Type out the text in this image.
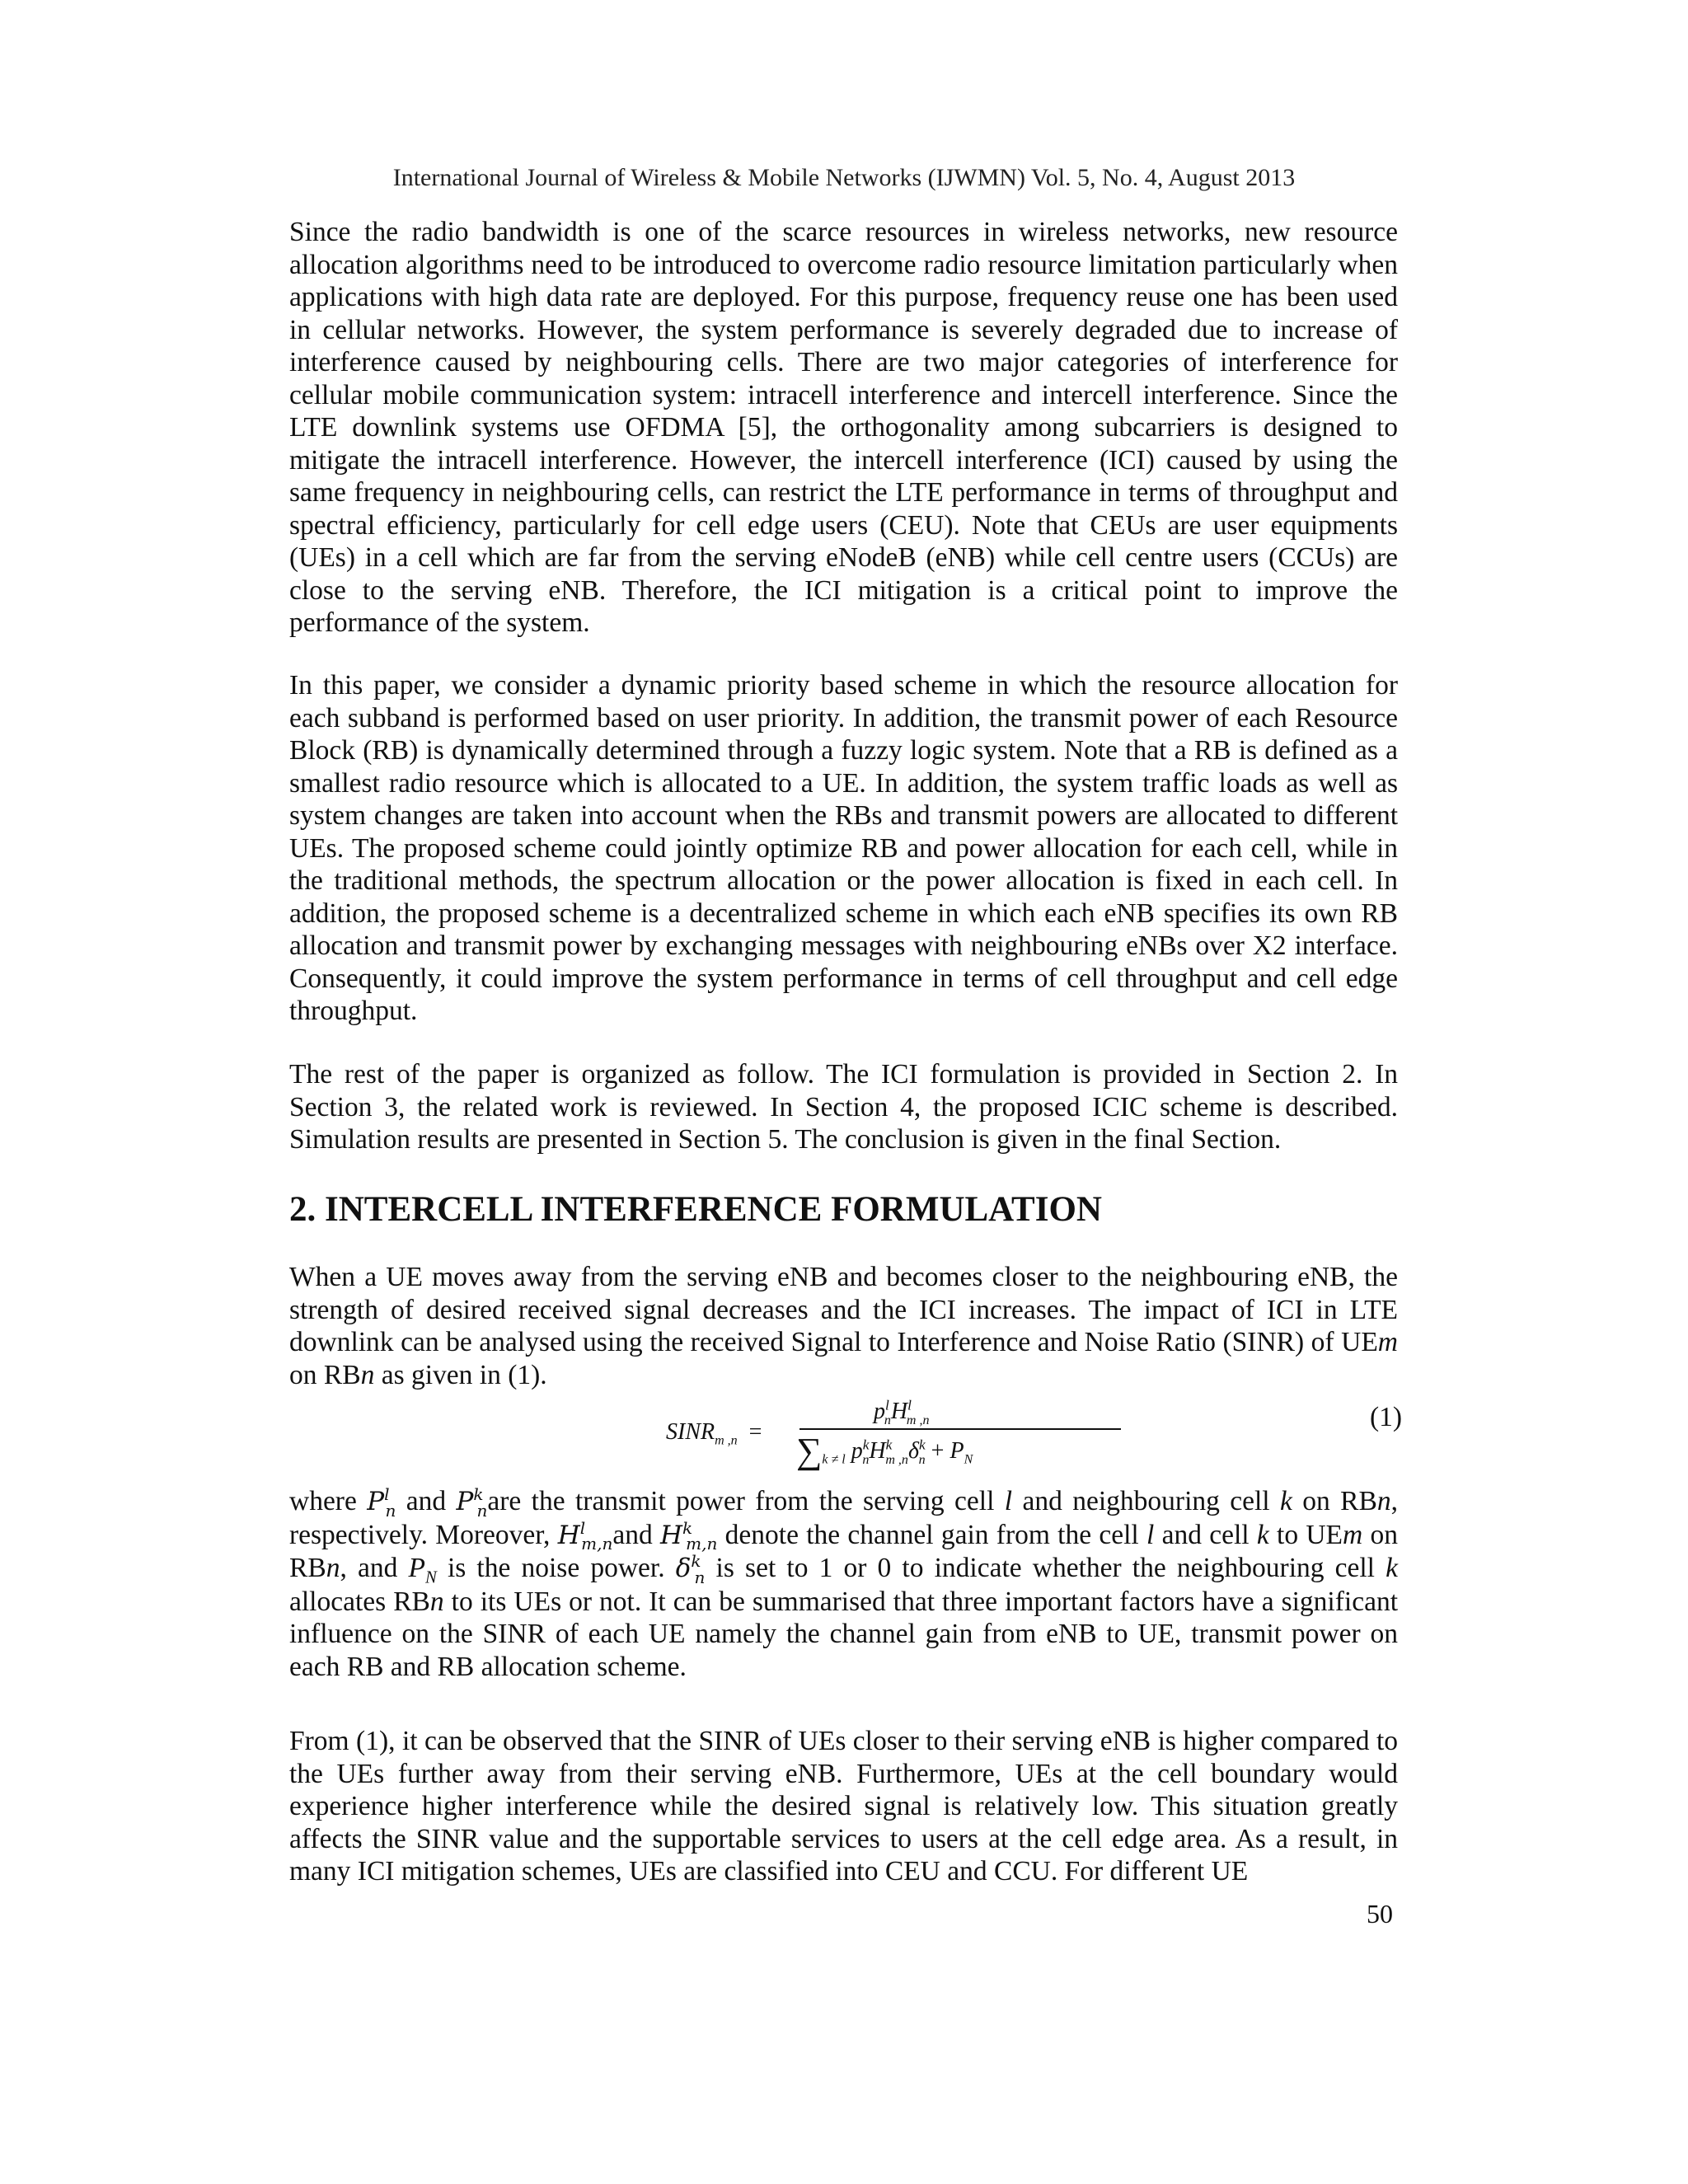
International Journal of Wireless & Mobile Networks (IJWMN) Vol. 5, No. 4, August 2013

Since the radio bandwidth is one of the scarce resources in wireless networks, new resource allocation algorithms need to be introduced to overcome radio resource limitation particularly when applications with high data rate are deployed. For this purpose, frequency reuse one has been used in cellular networks. However, the system performance is severely degraded due to increase of interference caused by neighbouring cells. There are two major categories of interference for cellular mobile communication system: intracell interference and intercell interference. Since the LTE downlink systems use OFDMA [5], the orthogonality among subcarriers is designed to mitigate the intracell interference. However, the intercell interference (ICI) caused by using the same frequency in neighbouring cells, can restrict the LTE performance in terms of throughput and spectral efficiency, particularly for cell edge users (CEU). Note that CEUs are user equipments (UEs) in a cell which are far from the serving eNodeB (eNB) while cell centre users (CCUs) are close to the serving eNB. Therefore, the ICI mitigation is a critical point to improve the performance of the system.

In this paper, we consider a dynamic priority based scheme in which the resource allocation for each subband is performed based on user priority. In addition, the transmit power of each Resource Block (RB) is dynamically determined through a fuzzy logic system. Note that a RB is defined as a smallest radio resource which is allocated to a UE. In addition, the system traffic loads as well as system changes are taken into account when the RBs and transmit powers are allocated to different UEs. The proposed scheme could jointly optimize RB and power allocation for each cell, while in the traditional methods, the spectrum allocation or the power allocation is fixed in each cell. In addition, the proposed scheme is a decentralized scheme in which each eNB specifies its own RB allocation and transmit power by exchanging messages with neighbouring eNBs over X2 interface. Consequently, it could improve the system performance in terms of cell throughput and cell edge throughput.

The rest of the paper is organized as follow. The ICI formulation is provided in Section 2. In Section 3, the related work is reviewed. In Section 4, the proposed ICIC scheme is described. Simulation results are presented in Section 5. The conclusion is given in the final Section.

2. INTERCELL INTERFERENCE FORMULATION

When a UE moves away from the serving eNB and becomes closer to the neighbouring eNB, the strength of desired received signal decreases and the ICI increases. The impact of ICI in LTE downlink can be analysed using the received Signal to Interference and Noise Ratio (SINR) of UEm on RBn as given in (1).

$SINR_{m ,n}$ =
$p^l_nH^l_{m ,n}$
$\sum_{k \ne l}$ $p^k_nH^k_{m ,n}\delta^k_n + P_N$
(1)

where $P^l_n$ and $P^k_nare$ the transmit power from the serving cell l and neighbouring cell k on RBn, respectively. Moreover, $H^l_{m,n}and$ $H^k_{m,n}$ denote the channel gain from the cell l and cell k to UEm on RBn, and $P_N$ is the noise power. $\delta^k_n$ is set to 1 or 0 to indicate whether the neighbouring cell k allocates RBn to its UEs or not. It can be summarised that three important factors have a significant influence on the SINR of each UE namely the channel gain from eNB to UE, transmit power on each RB and RB allocation scheme.

From (1), it can be observed that the SINR of UEs closer to their serving eNB is higher compared to the UEs further away from their serving eNB. Furthermore, UEs at the cell boundary would experience higher interference while the desired signal is relatively low. This situation greatly affects the SINR value and the supportable services to users at the cell edge area. As a result, in many ICI mitigation schemes, UEs are classified into CEU and CCU. For different UE

50
